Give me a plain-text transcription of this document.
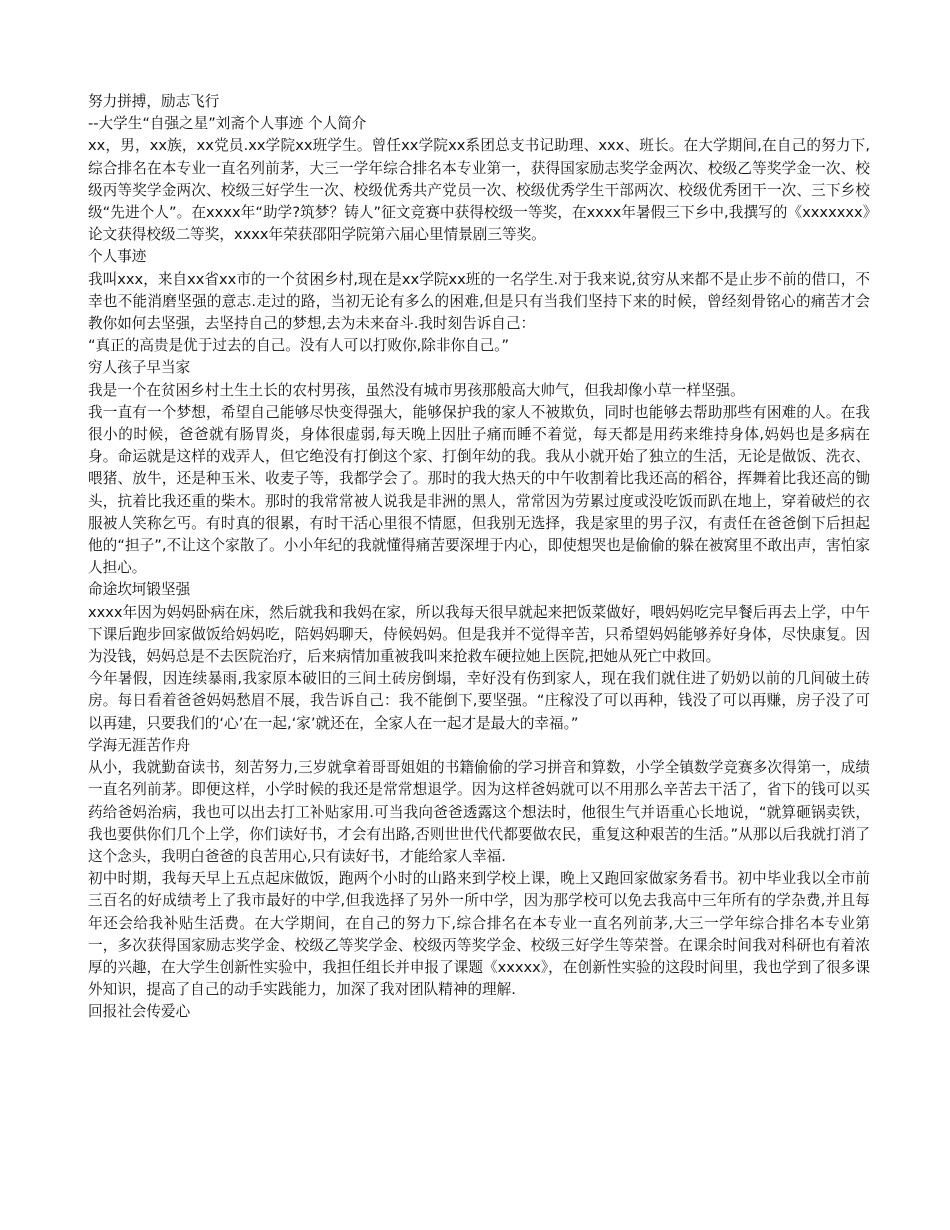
努力拼搏，励志飞行

--大学生“自强之星”刘斋个人事迹 个人简介

xx，男，xx族，xx党员.xx学院xx班学生。曾任xx学院xx系团总支书记助理、xxx、班长。在大学期间,在自己的努力下,综合排名在本专业一直名列前茅，大三一学年综合排名本专业第一，获得国家励志奖学金两次、校级乙等奖学金一次、校级丙等奖学金两次、校级三好学生一次、校级优秀共产党员一次、校级优秀学生干部两次、校级优秀团干一次、三下乡校级“先进个人”。在xxxx年“助学?筑梦？铸人”征文竞赛中获得校级一等奖，在xxxx年暑假三下乡中,我撰写的《xxxxxxx》论文获得校级二等奖，xxxx年荣获邵阳学院第六届心里情景剧三等奖。

个人事迹

我叫xxx，来自xx省xx市的一个贫困乡村,现在是xx学院xx班的一名学生.对于我来说,贫穷从来都不是止步不前的借口，不幸也不能消磨坚强的意志.走过的路，当初无论有多么的困难,但是只有当我们坚持下来的时候，曾经刻骨铭心的痛苦才会教你如何去坚强，去坚持自己的梦想,去为未来奋斗.我时刻告诉自己：

“真正的高贵是优于过去的自己。没有人可以打败你,除非你自己。”

穷人孩子早当家

我是一个在贫困乡村土生土长的农村男孩，虽然没有城市男孩那般高大帅气，但我却像小草一样坚强。

我一直有一个梦想，希望自己能够尽快变得强大，能够保护我的家人不被欺负，同时也能够去帮助那些有困难的人。在我很小的时候，爸爸就有肠胃炎，身体很虚弱,每天晚上因肚子痛而睡不着觉，每天都是用药来维持身体,妈妈也是多病在身。命运就是这样的戏弄人，但它绝没有打倒这个家、打倒年幼的我。我从小就开始了独立的生活，无论是做饭、洗衣、喂猪、放牛，还是种玉米、收麦子等，我都学会了。那时的我大热天的中午收割着比我还高的稻谷，挥舞着比我还高的锄头，抗着比我还重的柴木。那时的我常常被人说我是非洲的黑人，常常因为劳累过度或没吃饭而趴在地上，穿着破烂的衣服被人笑称乞丐。有时真的很累，有时干活心里很不情愿，但我别无选择，我是家里的男子汉，有责任在爸爸倒下后担起他的“担子”,不让这个家散了。小小年纪的我就懂得痛苦要深埋于内心，即使想哭也是偷偷的躲在被窝里不敢出声，害怕家人担心。

命途坎坷锻坚强

xxxx年因为妈妈卧病在床，然后就我和我妈在家，所以我每天很早就起来把饭菜做好，喂妈妈吃完早餐后再去上学，中午下课后跑步回家做饭给妈妈吃，陪妈妈聊天，侍候妈妈。但是我并不觉得辛苦，只希望妈妈能够养好身体，尽快康复。因为没钱，妈妈总是不去医院治疗，后来病情加重被我叫来抢救车硬拉她上医院,把她从死亡中救回。

今年暑假，因连续暴雨,我家原本破旧的三间土砖房倒塌，幸好没有伤到家人，现在我们就住进了奶奶以前的几间破土砖房。每日看着爸爸妈妈愁眉不展，我告诉自己：我不能倒下,要坚强。“庄稼没了可以再种，钱没了可以再赚，房子没了可以再建，只要我们的‘心’在一起,‘家’就还在，全家人在一起才是最大的幸福。”

学海无涯苦作舟

从小，我就勤奋读书，刻苦努力,三岁就拿着哥哥姐姐的书籍偷偷的学习拼音和算数，小学全镇数学竞赛多次得第一，成绩一直名列前茅。即便这样，小学时候的我还是常常想退学。因为这样爸妈就可以不用那么辛苦去干活了，省下的钱可以买药给爸妈治病，我也可以出去打工补贴家用.可当我向爸爸透露这个想法时，他很生气并语重心长地说，“就算砸锅卖铁，我也要供你们几个上学，你们读好书，才会有出路,否则世世代代都要做农民，重复这种艰苦的生活。”从那以后我就打消了这个念头，我明白爸爸的良苦用心,只有读好书，才能给家人幸福.

初中时期，我每天早上五点起床做饭，跑两个小时的山路来到学校上课，晚上又跑回家做家务看书。初中毕业我以全市前三百名的好成绩考上了我市最好的中学,但我选择了另外一所中学，因为那学校可以免去我高中三年所有的学杂费,并且每年还会给我补贴生活费。在大学期间，在自己的努力下,综合排名在本专业一直名列前茅,大三一学年综合排名本专业第一，多次获得国家励志奖学金、校级乙等奖学金、校级丙等奖学金、校级三好学生等荣誉。在课余时间我对科研也有着浓厚的兴趣，在大学生创新性实验中，我担任组长并申报了课题《xxxxx》，在创新性实验的这段时间里，我也学到了很多课外知识，提高了自己的动手实践能力，加深了我对团队精神的理解.

回报社会传爱心
